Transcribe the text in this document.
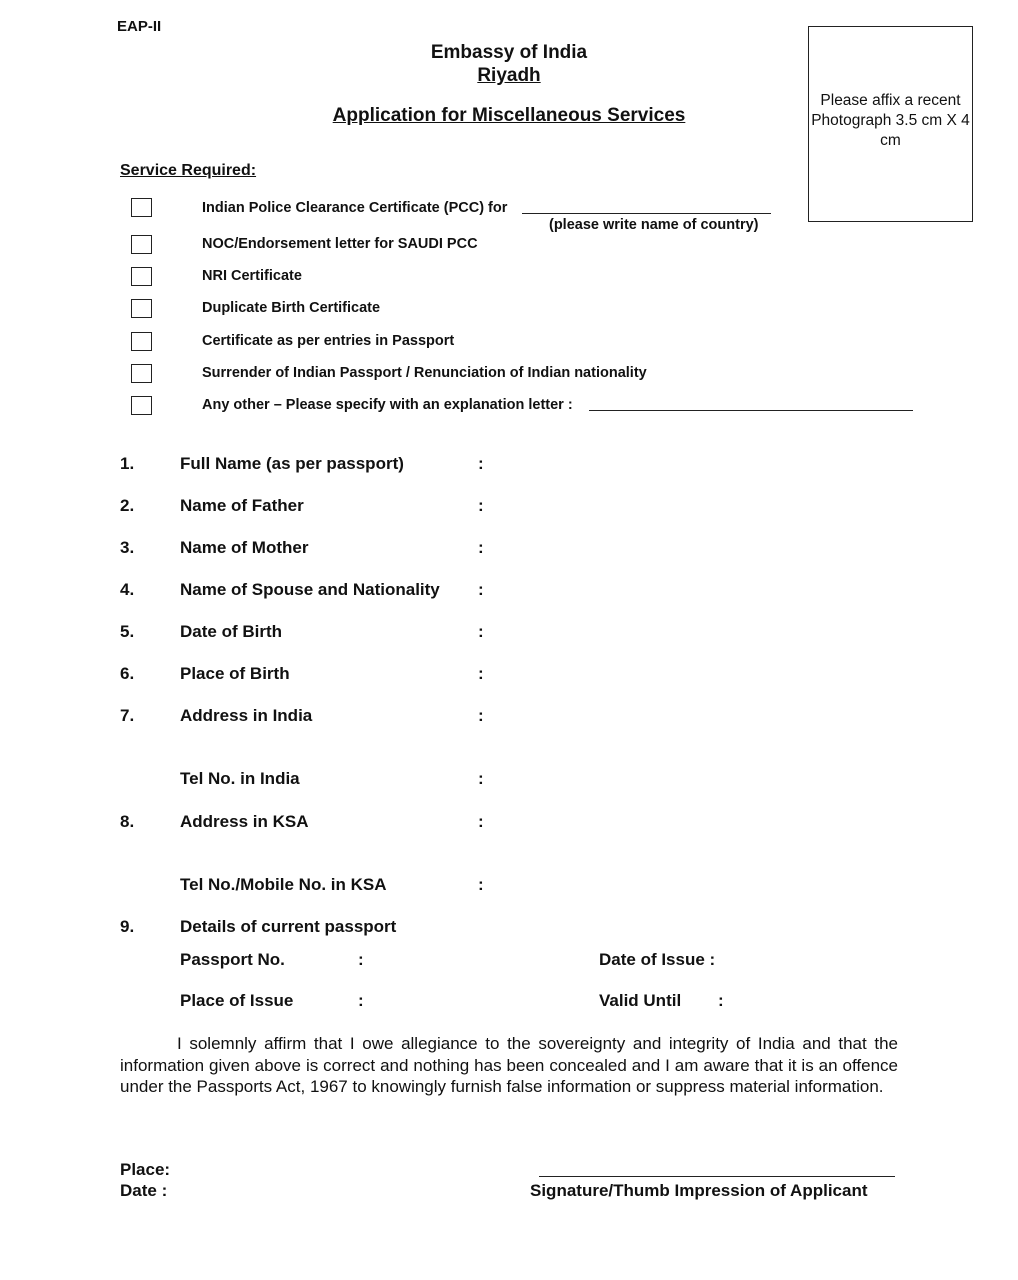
EAP-II
Embassy of India
Riyadh
Application for Miscellaneous Services
Please affix a recent Photograph 3.5 cm X 4 cm
Service Required:
Indian Police Clearance Certificate (PCC) for
(please write name of country)
NOC/Endorsement letter for SAUDI PCC
NRI Certificate
Duplicate Birth Certificate
Certificate as per entries in Passport
Surrender of Indian Passport / Renunciation of Indian nationality
Any other – Please specify with an explanation letter :
1.	Full Name (as per passport)	:
2.	Name of Father	:
3.	Name of Mother	:
4.	Name of Spouse and Nationality :
5.	Date of Birth	:
6.	Place of Birth	:
7.	Address in India	:
Tel No. in India	:
8.	Address in KSA	:
Tel No./Mobile No. in KSA	:
9.	Details of current passport
Passport No.	:	Date of Issue :
Place of Issue	:	Valid Until :
I solemnly affirm that I owe allegiance to the sovereignty and integrity of India and that the information given above is correct and nothing has been concealed and I am aware that it is an offence under the Passports Act, 1967 to knowingly furnish false information or suppress material information.
Place:
Date :	Signature/Thumb Impression of Applicant
